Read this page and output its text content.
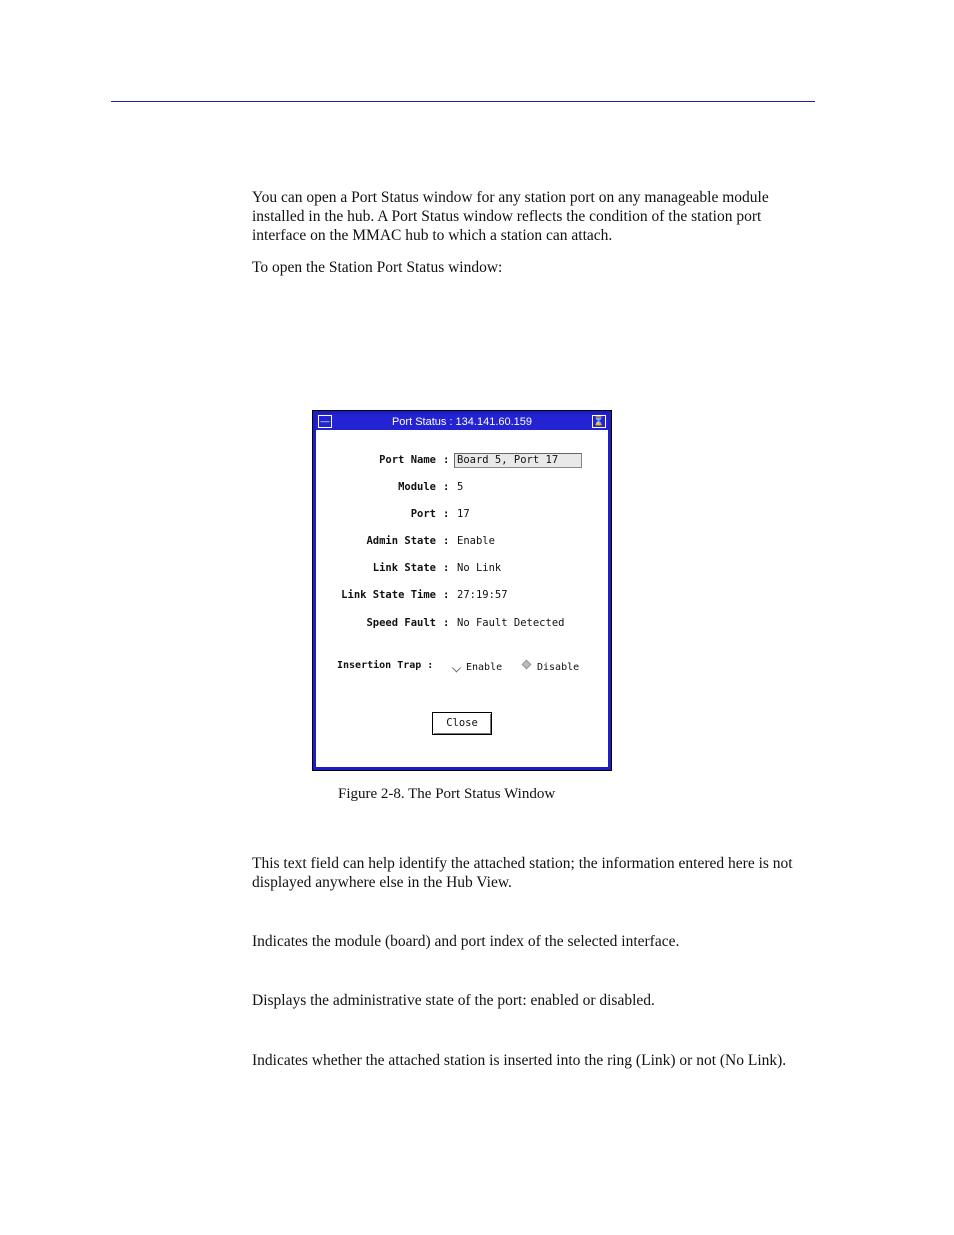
You can open a Port Status window for any station port on any manageable module installed in the hub. A Port Status window reflects the condition of the station port interface on the MMAC hub to which a station can attach.

To open the Station Port Status window:

—	Port Status : 134.141.60.159	⌛
Port Name : Board 5, Port 17
Module : 5
Port : 17
Admin State : Enable
Link State : No Link
Link State Time : 27:19:57
Speed Fault : No Fault Detected
Insertion Trap :	Enable	Disable
Close
Figure 2-8. The Port Status Window

This text field can help identify the attached station; the information entered here is not displayed anywhere else in the Hub View.

Indicates the module (board) and port index of the selected interface.

Displays the administrative state of the port: enabled or disabled.

Indicates whether the attached station is inserted into the ring (Link) or not (No Link).
